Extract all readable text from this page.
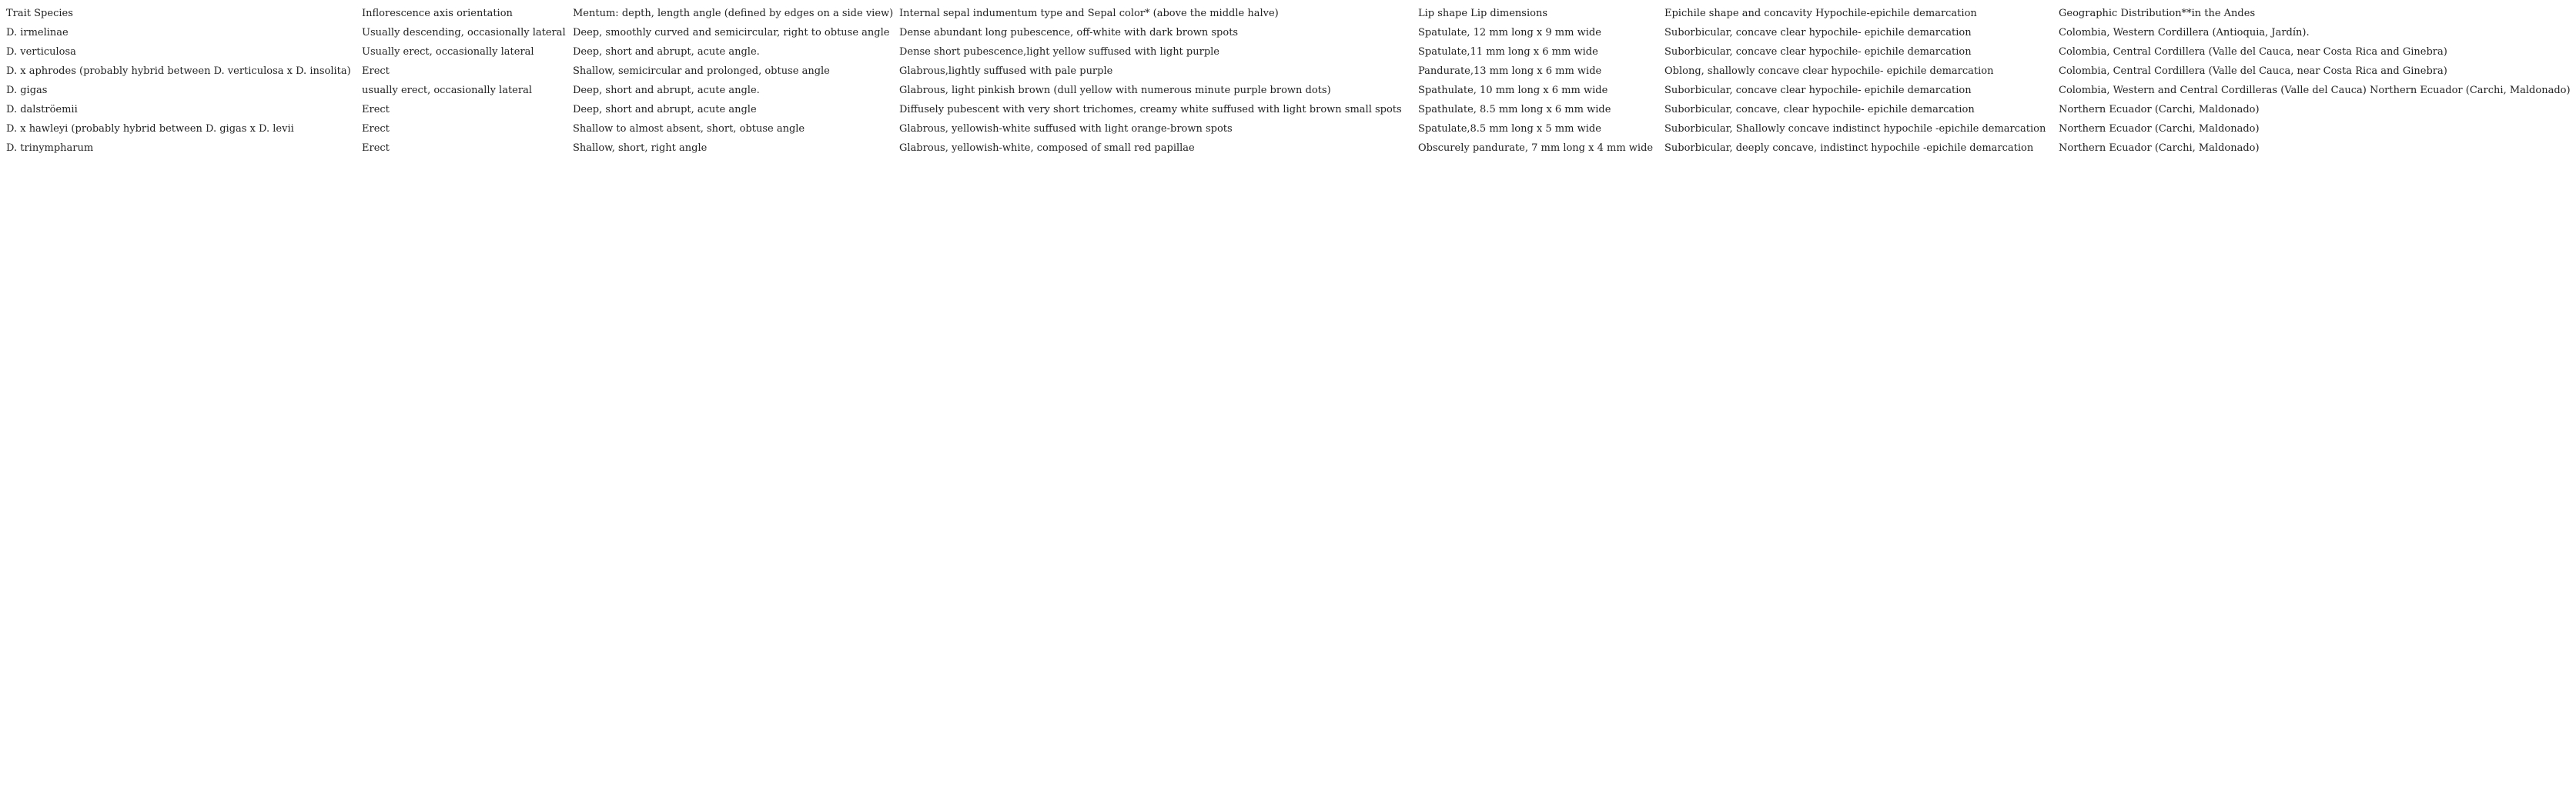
Trait Species	Inflorescence axis orientation	Mentum: depth, length angle (defined by edges on a side view)	Internal sepal indumentum type and Sepal color* (above the middle halve)	Lip shape Lip dimensions	Epichile shape and concavity Hypochile-epichile demarcation	Geographic Distribution**in the Andes
D. irmelinae	Usually descending, occasionally lateral	Deep, smoothly curved and semicircular, right to obtuse angle	Dense abundant long pubescence, off-white with dark brown spots	Spatulate, 12 mm long x 9 mm wide	Suborbicular, concave clear hypochile- epichile demarcation	Colombia, Western Cordillera (Antioquia, Jardín).
D. verticulosa	Usually erect, occasionally lateral	Deep, short and abrupt, acute angle.	Dense short pubescence,light yellow suffused with light purple	Spatulate,11 mm long x 6 mm wide	Suborbicular, concave clear hypochile- epichile demarcation	Colombia, Central Cordillera (Valle del Cauca, near Costa Rica and Ginebra)
D. x aphrodes (probably hybrid between D. verticulosa x D. insolita)	Erect	Shallow, semicircular and prolonged, obtuse angle	Glabrous,lightly suffused with pale purple	Pandurate,13 mm long x 6 mm wide	Oblong, shallowly concave clear hypochile- epichile demarcation	Colombia, Central Cordillera (Valle del Cauca, near Costa Rica and Ginebra)
D. gigas	usually erect, occasionally lateral	Deep, short and abrupt, acute angle.	Glabrous, light pinkish brown (dull yellow with numerous minute purple brown dots)	Spathulate, 10 mm long x 6 mm wide	Suborbicular, concave clear hypochile- epichile demarcation	Colombia, Western and Central Cordilleras (Valle del Cauca) Northern Ecuador (Carchi, Maldonado)
D. dalströemii	Erect	Deep, short and abrupt, acute angle	Diffusely pubescent with very short trichomes, creamy white suffused with light brown small spots	Spathulate, 8.5 mm long x 6 mm wide	Suborbicular, concave, clear hypochile- epichile demarcation	Northern Ecuador (Carchi, Maldonado)
D. x hawleyi (probably hybrid between D. gigas x D. levii	Erect	Shallow to almost absent, short, obtuse angle	Glabrous, yellowish-white suffused with light orange-brown spots	Spatulate,8.5 mm long x 5 mm wide	Suborbicular, Shallowly concave indistinct hypochile -epichile demarcation	Northern Ecuador (Carchi, Maldonado)
D. trinympharum	Erect	Shallow, short, right angle	Glabrous, yellowish-white, composed of small red papillae	Obscurely pandurate, 7 mm long x 4 mm wide	Suborbicular, deeply concave, indistinct hypochile -epichile demarcation	Northern Ecuador (Carchi, Maldonado)
